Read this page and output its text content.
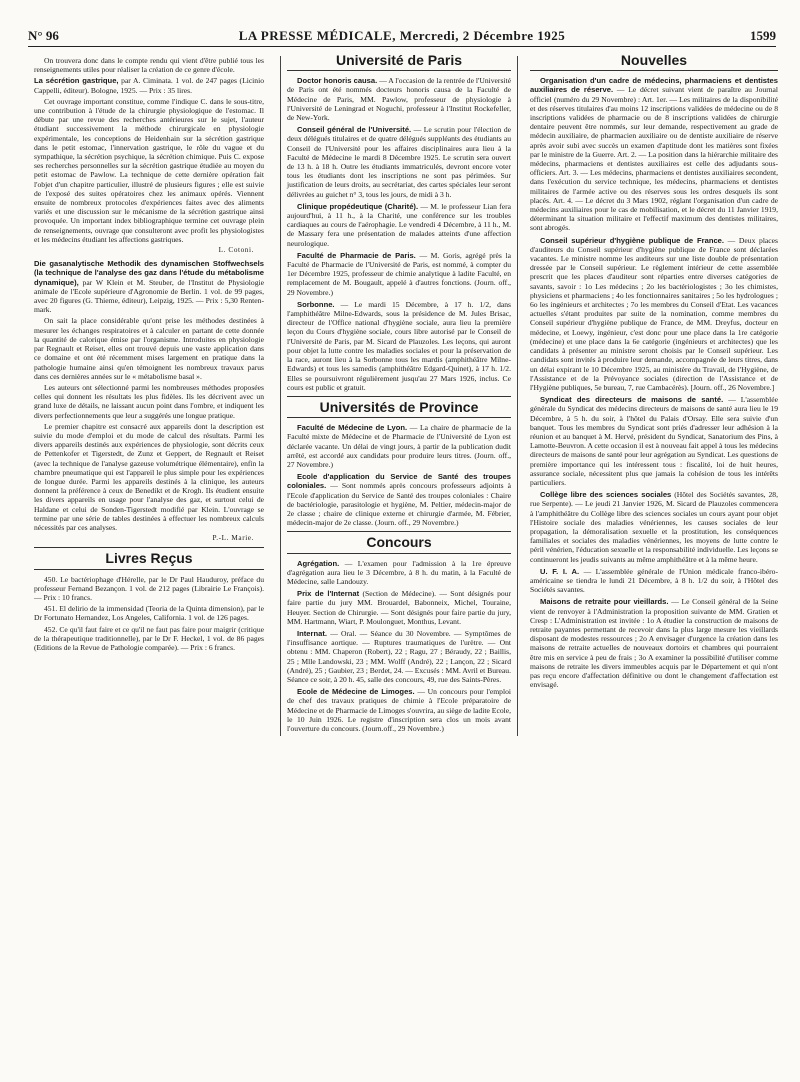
N° 96	LA PRESSE MÉDICALE, Mercredi, 2 Décembre 1925	1599

On trouvera donc dans le compte rendu qui vient d'être publié tous les renseignements utiles pour réaliser la création de ce genre d'école.

La sécrétion gastrique, par A. Ciminata. 1 vol. de 247 pages (Licinio Cappelli, éditeur). Bologne, 1925. — Prix : 35 lires.

Cet ouvrage important constitue, comme l'indique C. dans le sous-titre, une contribution à l'étude de la chirurgie physiologique de l'estomac. Il débute par une revue des recherches antérieures sur le sujet, l'auteur étudiant successivement la méthode chirurgicale en physiologie expérimentale, les conceptions de Heidenhain sur la sécrétion gastrique dans le petit estomac, l'innervation gastrique, le rôle du vague et du sympathique, la sécrétion psychique, la sécrétion chimique. Puis C. expose ses recherches personnelles sur la sécrétion gastrique étudiée au moyen du petit estomac de Pawlow. La technique de cette dernière opération fait l'objet d'un chapitre particulier, illustré de plusieurs figures ; elle est suivie de l'exposé des suites opératoires chez les animaux opérés. Viennent ensuite de nombreux protocoles d'expériences faites avec des aliments variés et une discussion sur le mécanisme de la sécrétion gastrique ainsi provoquée. Un important index bibliographique termine cet ouvrage plein de renseignements, ouvrage que consulteront avec profit les physiologistes et les médecins étudiant les affections gastriques.

L. Cotoni.

Die gasanalytische Methodik des dynamischen Stoffwechsels (la technique de l'analyse des gaz dans l'étude du métabolisme dynamique), par W Klein et M. Steuber, de l'Institut de Physiologie animale de l'Ecole supérieure d'Agronomie de Berlin. 1 vol. de 99 pages, avec 20 figures (G. Thieme, éditeur), Leipzig, 1925. — Prix : 5,30 Renten-mark.

On sait la place considérable qu'ont prise les méthodes destinées à mesurer les échanges respiratoires et à calculer en partant de cette donnée la quantité de calorique émise par l'organisme. Introduites en physiologie par Regnault et Reiset, elles ont trouvé depuis une vaste application dans ce domaine et ont été récemment mises largement en pratique dans la pathologie humaine ainsi qu'en témoignent les nombreux travaux parus dans ces dernières années sur le « métabolisme basal ».

Les auteurs ont sélectionné parmi les nombreuses méthodes proposées celles qui donnent les résultats les plus fidèles. Ils les décrivent avec un grand luxe de détails, ne laissant aucun point dans l'ombre, et indiquent les divers perfectionnements que leur a suggérés une longue pratique.

Le premier chapitre est consacré aux appareils dont la description est suivie du mode d'emploi et du mode de calcul des résultats. Parmi les divers appareils destinés aux expériences de physiologie, sont décrits ceux de Pettenkofer et Tigerstedt, de Zunz et Geppert, de Regnault et Reiset (avec la technique de l'analyse gazeuse volumétrique élémentaire), enfin la chambre pneumatique qui est l'appareil le plus simple pour les expériences de longue durée. Parmi les appareils destinés à la clinique, les auteurs donnent la préférence à ceux de Benedikt et de Krogh. Ils étudient ensuite les divers appareils en usage pour l'analyse des gaz, et surtout celui de Haldane et celui de Sonden-Tigerstedt modifié par Klein. L'ouvrage se termine par une série de tables destinées à effectuer les nombreux calculs nécessités par ces analyses.

P.-L. Marie.
Livres Reçus

450. Le bactériophage d'Hérelle, par le Dr Paul Hauduroy, préface du professeur Fernand Bezançon. 1 vol. de 212 pages (Librairie Le François). — Prix : 10 francs.

451. El delirio de la immensidad (Teoria de la Quinta dimension), par le Dr Fortunato Hernandez, Los Angeles, California. 1 vol. de 126 pages.

452. Ce qu'il faut faire et ce qu'il ne faut pas faire pour maigrir (critique de la thérapeutique traditionnelle), par le Dr F. Heckel, 1 vol. de 86 pages (Editions de la Revue de Pathologie comparée). — Prix : 6 francs.

Université de Paris

Doctor honoris causa. — A l'occasion de la rentrée de l'Université de Paris ont été nommés docteurs honoris causa de la Faculté de Médecine de Paris, MM. Pawlow, professeur de physiologie à l'Université de Leningrad et Noguchi, professeur à l'Institut Rockefeller, de New-York.

Conseil général de l'Université. — Le scrutin pour l'élection de deux délégués titulaires et de quatre délégués suppléants des étudiants au Conseil de l'Université pour les affaires disciplinaires aura lieu à la Faculté de Médecine le mardi 8 Décembre 1925. Le scrutin sera ouvert de 13 h. à 18 h. Outre les étudiants immatriculés, devront encore voter tous les étudiants dont les inscriptions ne sont pas périmées. Sur justification de leurs droits, au secrétariat, des cartes spéciales leur seront délivrées au guichet n° 3, tous les jours, de midi à 3 h.

Clinique propédeutique (Charité). — M. le professeur Lian fera aujourd'hui, à 11 h., à la Charité, une conférence sur les troubles cardiaques au cours de l'aérophagie. Le vendredi 4 Décembre, à 11 h., M. de Massary fera une présentation de malades atteints d'une affection neurologique.

Faculté de Pharmacie de Paris. — M. Goris, agrégé près la Faculté de Pharmacie de l'Université de Paris, est nommé, à compter du 1er Décembre 1925, professeur de chimie analytique à ladite Faculté, en remplacement de M. Bougault, appelé à d'autres fonctions. (Journ. off., 29 Novembre.)

Sorbonne. — Le mardi 15 Décembre, à 17 h. 1/2, dans l'amphithéâtre Milne-Edwards, sous la présidence de M. Jules Brisac, directeur de l'Office national d'hygiène sociale, aura lieu la première leçon du Cours d'hygiène sociale, cours libre autorisé par le Conseil de l'Université de Paris, par M. Sicard de Plauzoles. Les leçons, qui auront pour objet la lutte contre les maladies sociales et pour la préservation de la race, auront lieu à la Sorbonne tous les mardis (amphithéâtre Milne-Edwards) et tous les samedis (amphithéâtre Edgard-Quinet), à 17 h. 1/2. Elles se poursuivront régulièrement jusqu'au 27 Mars 1926, inclus. Ce cours est public et gratuit.

Universités de Province

Faculté de Médecine de Lyon. — La chaire de pharmacie de la Faculté mixte de Médecine et de Pharmacie de l'Université de Lyon est déclarée vacante. Un délai de vingt jours, à partir de la publication dudit arrêté, est accordé aux candidats pour produire leurs titres. (Journ. off., 27 Novembre.)

Ecole d'application du Service de Santé des troupes coloniales. — Sont nommés après concours professeurs adjoints à l'Ecole d'application du Service de Santé des troupes coloniales : Chaire de bactériologie, parasitologie et hygiène, M. Peltier, médecin-major de 2e classe ; chaire de clinique externe et chirurgie d'armée, M. Fébrier, médecin-major de 2e classe. (Journ. off., 29 Novembre.)

Concours

Agrégation. — L'examen pour l'admission à la 1re épreuve d'agrégation aura lieu le 3 Décembre, à 8 h. du matin, à la Faculté de Médecine, salle Landouzy.

Prix de l'Internat (Section de Médecine). — Sont désignés pour faire partie du jury MM. Brouardel, Babonneix, Michel, Touraine, Heuyer. Section de Chirurgie. — Sont désignés pour faire partie du jury, MM. Hartmann, Wiart, P. Moulonguet, Monthus, Levant.

Internat. — Oral. — Séance du 30 Novembre. — Symptômes de l'insuffisance aortique. — Ruptures traumatiques de l'urètre. — Ont obtenu : MM. Chaperon (Robert), 22 ; Ragu, 27 ; Béraudy, 22 ; Baillis, 25 ; Mlle Landowski, 23 ; MM. Wolff (André), 22 ; Lançon, 22 ; Sicard (André), 25 ; Gaubier, 23 ; Berdet, 24. — Excusés : MM. Avril et Bureau. Séance ce soir, à 20 h. 45, salle des concours, 49, rue des Saints-Pères.

Ecole de Médecine de Limoges. — Un concours pour l'emploi de chef des travaux pratiques de chimie à l'Ecole préparatoire de Médecine et de Pharmacie de Limoges s'ouvrira, au siège de ladite Ecole, le 10 Juin 1926. Le registre d'inscription sera clos un mois avant l'ouverture du concours. (Journ.off., 29 Novembre.)

Nouvelles

Organisation d'un cadre de médecins, pharmaciens et dentistes auxiliaires de réserve. — Le décret suivant vient de paraître au Journal officiel (numéro du 29 Novembre) : Art. 1er. — Les militaires de la disponibilité et des réserves titulaires d'au moins 12 inscriptions validées de médecine ou de 8 inscriptions validées de pharmacie ou de 8 inscriptions validées de chirurgie dentaire peuvent être nommés, sur leur demande, respectivement au grade de médecin auxiliaire, de pharmacien auxiliaire ou de dentiste auxiliaire de réserve après avoir subi avec succès un examen d'aptitude dont les matières sont fixées par le ministre de la Guerre. Art. 2. — La position dans la hiérarchie militaire des médecins, pharmaciens et dentistes auxiliaires est celle des adjudants sous-officiers. Art. 3. — Les médecins, pharmaciens et dentistes auxiliaires secondent, dans l'exécution du service technique, les médecins, pharmaciens et dentistes militaires de l'armée active ou des réserves sous les ordres desquels ils sont placés. Art. 4. — Le décret du 3 Mars 1902, réglant l'organisation d'un cadre de médecins auxiliaires pour le cas de mobilisation, et le décret du 11 Janvier 1919, déterminant la situation militaire et l'effectif maximum des dentistes militaires, sont abrogés.

Conseil supérieur d'hygiène publique de France. — Deux places d'auditeurs du Conseil supérieur d'hygiène publique de France sont déclarées vacantes. Le ministre nomme les auditeurs sur une liste double de présentation dressée par le Conseil supérieur. Le règlement intérieur de cette assemblée prescrit que les places d'auditeur sont réparties entre diverses catégories de savants, savoir : 1o Les médecins ; 2o les bactériologistes ; 3o les chimistes, physiciens et pharmaciens ; 4o les fonctionnaires sanitaires ; 5o les hydrologues ; 6o les ingénieurs et architectes ; 7o les membres du Conseil d'Etat. Les vacances actuelles s'étant produites par suite de la nomination, comme membres du Conseil supérieur d'hygiène publique de France, de MM. Dreyfus, docteur en médecine, et Loewy, ingénieur, c'est donc pour une place dans la 1re catégorie (médecine) et une place dans la 6e catégorie (ingénieurs et architectes) que les candidats à présenter au ministre seront choisis par le Conseil supérieur. Les candidats sont invités à produire leur demande, accompagnée de leurs titres, dans un délai expirant le 10 Décembre 1925, au ministère du Travail, de l'Hygiène, de l'Assistance et de la Prévoyance sociales (direction de l'Assistance et de l'Hygiène publiques, 5e bureau, 7, rue Cambacérès). [Journ. off., 26 Novembre.]

Syndicat des directeurs de maisons de santé. — L'assemblée générale du Syndicat des médecins directeurs de maisons de santé aura lieu le 19 Décembre, à 5 h. du soir, à l'hôtel du Palais d'Orsay. Elle sera suivie d'un banquet. Tous les membres du Syndicat sont priés d'adresser leur adhésion à la réunion et au banquet à M. Hervé, président du Syndicat, Sanatorium des Pins, à Lamotte-Beuvron. A cette occasion il est à nouveau fait appel à tous les médecins directeurs de maisons de santé pour leur agrégation au Syndicat. Les questions de première importance qui les intéressent tous : fiscalité, loi de huit heures, assurance sociale, nécessitent plus que jamais la cohésion de tous les intérêts particuliers.

Collège libre des sciences sociales (Hôtel des Sociétés savantes, 28, rue Serpente). — Le jeudi 21 Janvier 1926, M. Sicard de Plauzoles commencera à l'amphithéâtre du Collège libre des sciences sociales un cours ayant pour objet l'Histoire sociale des maladies vénériennes, les causes sociales de leur propagation, la démoralisation sexuelle et la prostitution, les conséquences familiales et sociales des maladies vénériennes, les moyens de lutte contre le péril vénérien, l'éducation sexuelle et la responsabilité individuelle. Les leçons se continueront les jeudis suivants au même amphithéâtre et à la même heure.

U. F. I. A. — L'assemblée générale de l'Union médicale franco-ibéro-américaine se tiendra le lundi 21 Décembre, à 8 h. 1/2 du soir, à l'Hôtel des Sociétés savantes.

Maisons de retraite pour vieillards. — Le Conseil général de la Seine vient de renvoyer à l'Administration la proposition suivante de MM. Gratien et Cresp : L'Administration est invitée : 1o A étudier la construction de maisons de retraite payantes permettant de recevoir dans la plus large mesure les vieillards disposant de modestes ressources ; 2o A envisager d'urgence la création dans les maisons de retraite actuelles de nouveaux dortoirs et chambres qui pourraient être mis en service à peu de frais ; 3o A examiner la possibilité d'utiliser comme maisons de retraite les divers immeubles acquis par le Département et qui n'ont pas reçu encore d'affectation définitive ou dont le changement d'affectation est envisagé.
